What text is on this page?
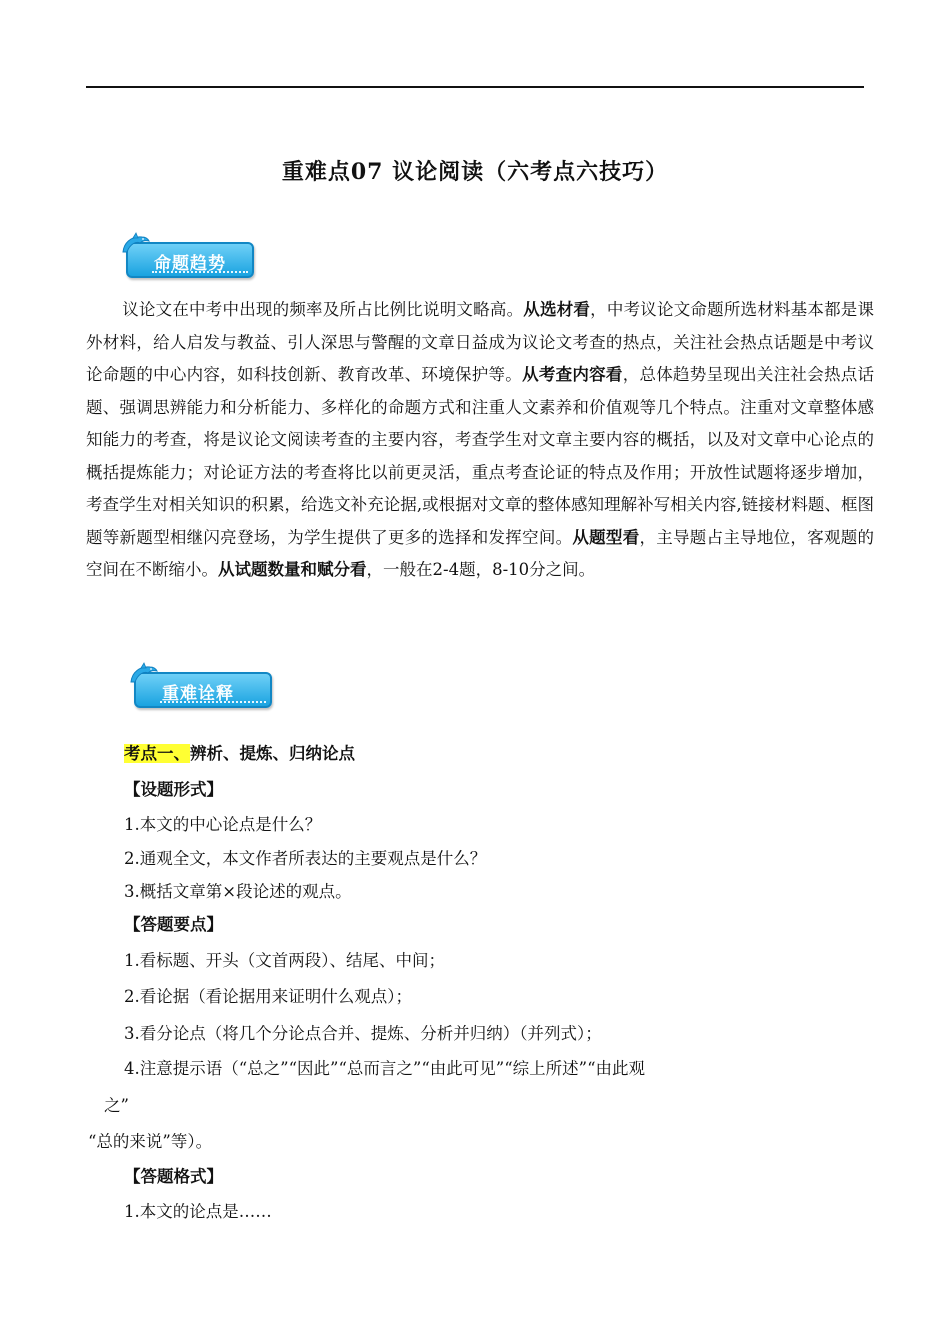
重难点07 议论阅读（六考点六技巧）
命题趋势
议论文在中考中出现的频率及所占比例比说明文略高。从选材看，中考议论文命题所选材料基本都是课外材料，给人启发与教益、引人深思与警醒的文章日益成为议论文考查的热点，关注社会热点话题是中考议论命题的中心内容，如科技创新、教育改革、环境保护等。从考查内容看，总体趋势呈现出关注社会热点话题、强调思辨能力和分析能力、多样化的命题方式和注重人文素养和价值观等几个特点。注重对文章整体感知能力的考查，将是议论文阅读考查的主要内容，考查学生对文章主要内容的概括，以及对文章中心论点的概括提炼能力；对论证方法的考查将比以前更灵活，重点考查论证的特点及作用；开放性试题将逐步增加，考查学生对相关知识的积累，给选文补充论据,或根据对文章的整体感知理解补写相关内容,链接材料题、框图题等新题型相继闪亮登场，为学生提供了更多的选择和发挥空间。从题型看，主导题占主导地位，客观题的空间在不断缩小。从试题数量和赋分看，一般在2-4题，8-10分之间。
重难诠释
考点一、辨析、提炼、归纳论点
【设题形式】
1.本文的中心论点是什么？
2.通观全文，本文作者所表达的主要观点是什么？
3.概括文章第×段论述的观点。
【答题要点】
1.看标题、开头（文首两段）、结尾、中间；
2.看论据（看论据用来证明什么观点）；
3.看分论点（将几个分论点合并、提炼、分析并归纳）（并列式）；
4.注意提示语（“总之”“因此”“总而言之”“由此可见”“综上所述”“由此观
之”
“总的来说”等）。
【答题格式】
1.本文的论点是……
